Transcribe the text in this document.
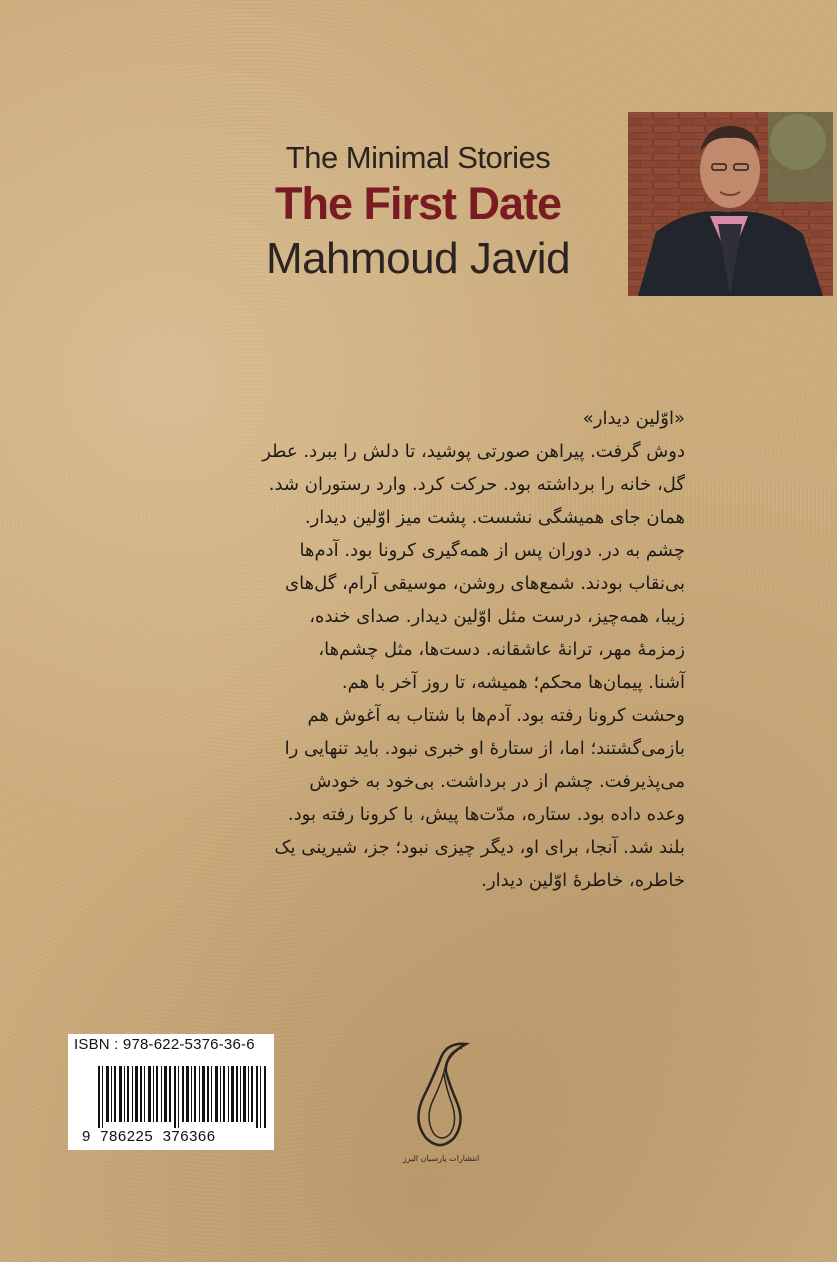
The Minimal Stories
The First Date
Mahmoud Javid
«اوّلین دیدار»
دوش گرفت. پیراهن صورتی پوشید، تا دلش را ببرد. عطر
گل، خانه را برداشته بود. حرکت کرد. وارد رستوران شد.
همان جای همیشگی نشست. پشت میز اوّلین دیدار.
چشم به در. دوران پس از همه‌گیری کرونا بود. آدم‌ها
بی‌نقاب بودند. شمع‌های روشن، موسیقی آرام، گل‌های
زیبا، همه‌چیز، درست مثل اوّلین دیدار. صدای خنده،
زمزمهٔ مهر، ترانهٔ عاشقانه. دست‌ها، مثل چشم‌ها،
آشنا. پیمان‌ها محکم؛ همیشه، تا روز آخر با هم.
وحشت کرونا رفته بود. آدم‌ها با شتاب به آغوش هم
بازمی‌گشتند؛ اما، از ستارهٔ او خبری نبود. باید تنهایی را
می‌پذیرفت. چشم از در برداشت. بی‌خود به خودش
وعده داده بود. ستاره، مدّت‌ها پیش، با کرونا رفته بود.
بلند شد. آنجا، برای او، دیگر چیزی نبود؛ جز، شیرینی یک
خاطره، خاطرهٔ اوّلین دیدار.
ISBN : 978-622-5376-36-6
9  786225  376366
انتشارات پارسیان البرز
